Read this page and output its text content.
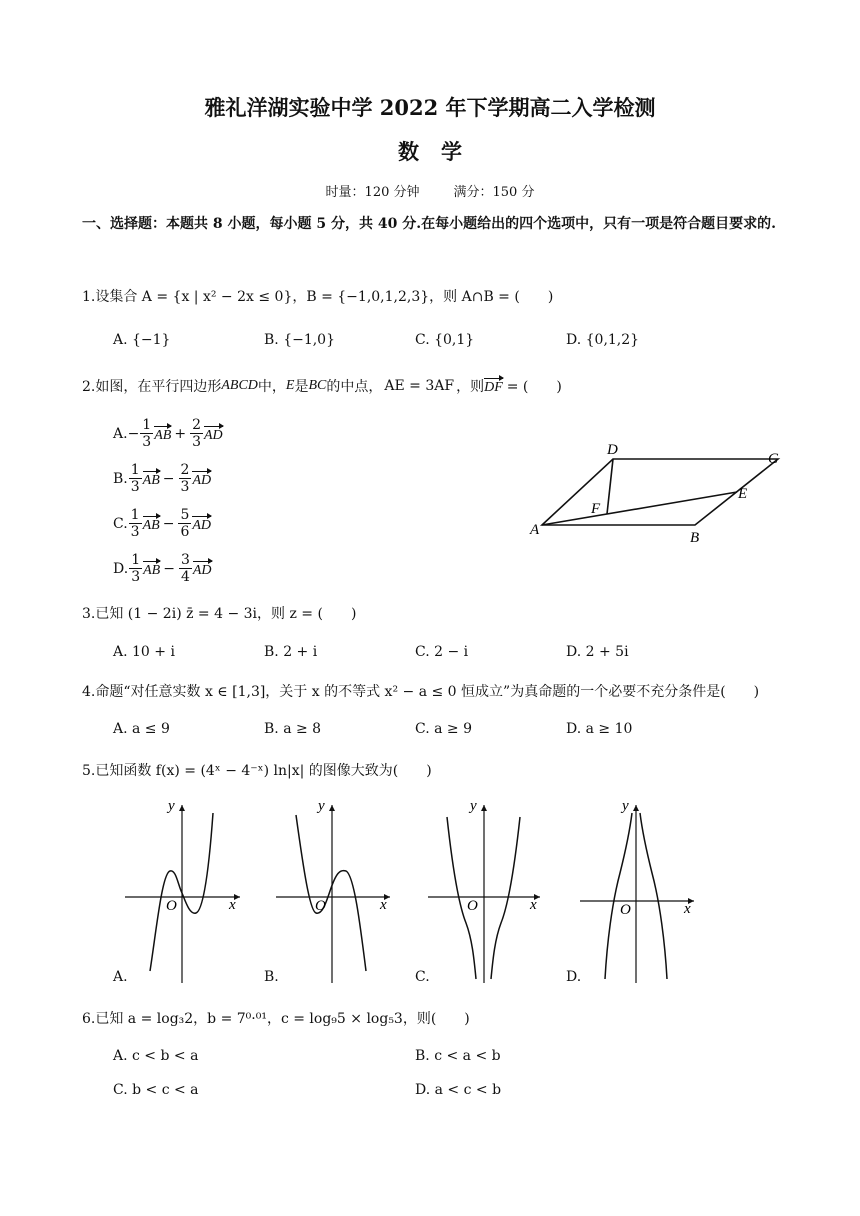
雅礼洋湖实验中学 2022 年下学期高二入学检测
数学
时量：120 分钟	满分：150 分
一、选择题：本题共 8 小题，每小题 5 分，共 40 分.在每小题给出的四个选项中，只有一项是符合题目要求的.
1.设集合 A = {x | x² − 2x ≤ 0}，B = {−1,0,1,2,3}，则 A∩B = (　　)
A. {−1}	B. {−1,0}	C. {0,1}	D. {0,1,2}
2.如图，在平行四边形 ABCD 中， E 是 BC 的中点， AE = 3AF ，则 DF = (　　)
A. − $\frac{1}{3}$ AB + $\frac{2}{3}$ AD
B. $\frac{1}{3}$ AB − $\frac{2}{3}$ AD
C. $\frac{1}{3}$ AB − $\frac{5}{6}$ AD
D. $\frac{1}{3}$ AB − $\frac{3}{4}$ AD
A	B
C
D
E
F
3.已知 (1 − 2i) z̄ = 4 − 3i，则 z = (　　)
A. 10 + i	B. 2 + i	C. 2 − i	D. 2 + 5i
4.命题“对任意实数 x ∈ [1,3]，关于 x 的不等式 x² − a ≤ 0 恒成立”为真命题的一个必要不充分条件是(　　)
A. a ≤ 9	B. a ≥ 8	C. a ≥ 9	D. a ≥ 10
5.已知函数 f(x) = (4ˣ − 4⁻ˣ) ln|x| 的图像大致为(　　)
O	x
y
O	x
y
O	x
y
O	x
y
A.	B.	C.	D.
6.已知 a = log₃2，b = 7⁰·⁰¹，c = log₉5 × log₅3，则(　　)
A. c < b < a	B. c < a < b
C. b < c < a	D. a < c < b
